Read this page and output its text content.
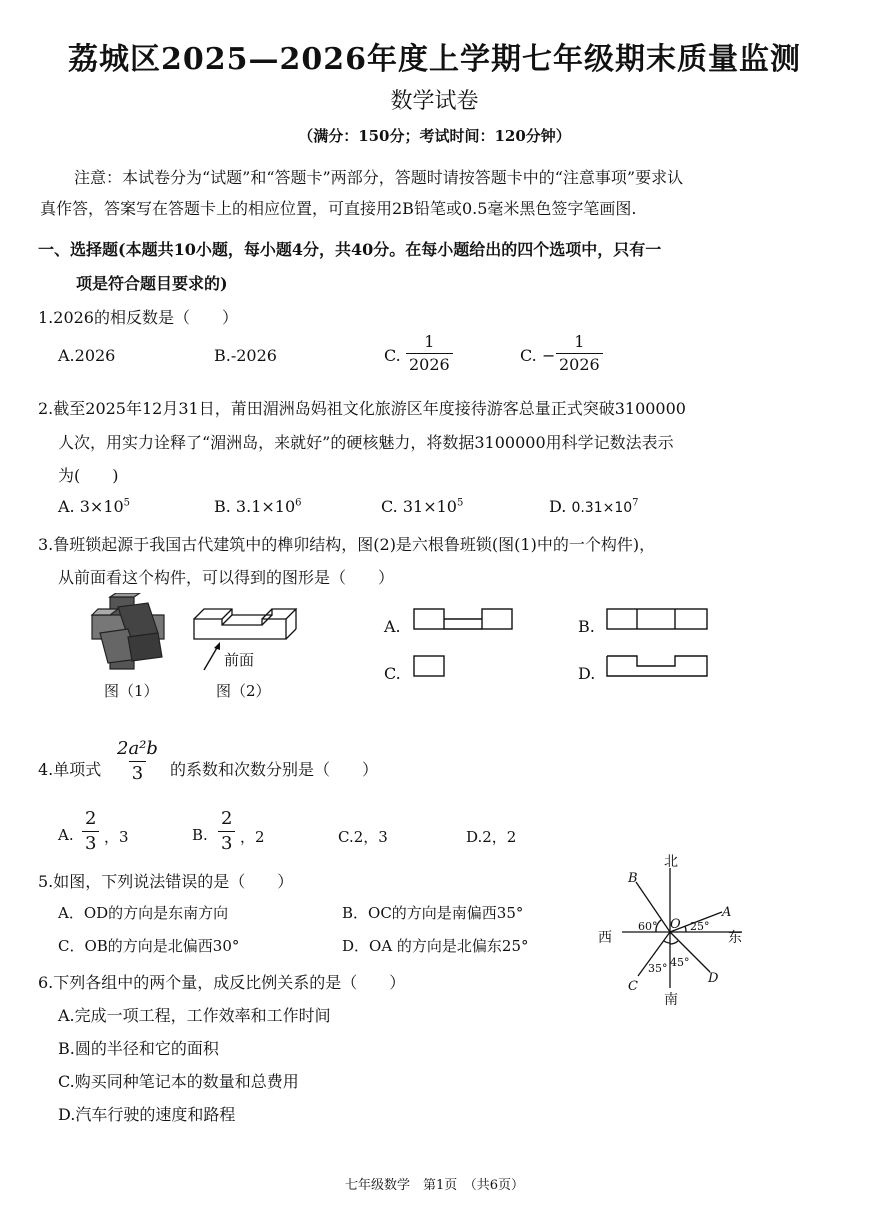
荔城区2025—2026年度上学期七年级期末质量监测
数学试卷
（满分：150分；考试时间：120分钟）
注意：本试卷分为“试题”和“答题卡”两部分，答题时请按答题卡中的“注意事项”要求认
真作答，答案写在答题卡上的相应位置，可直接用2B铅笔或0.5毫米黑色签字笔画图.
一、选择题(本题共10小题，每小题4分，共40分。在每小题给出的四个选项中，只有一
项是符合题目要求的)
1.2026的相反数是（　　）
A.2026	B.-2026	C. $\frac{1}{2026}$	C. − $\frac{1}{2026}$
2.截至2025年12月31日，莆田湄洲岛妈祖文化旅游区年度接待游客总量正式突破3100000
人次，用实力诠释了“湄洲岛，来就好”的硬核魅力，将数据3100000用科学记数法表示
为(　　)
A. $3\times 10^5$	B. $3.1\times 10^6$	C. $31\times 10^5$	D. $0.31\times 10^7$
3.鲁班锁起源于我国古代建筑中的榫卯结构，图(2)是六根鲁班锁(图(1)中的一个构件)，
从前面看这个构件，可以得到的图形是（　　）
前面
图（1）	图（2）
A.	B.
C.	D.
4.单项式 $\frac{\text{2a²b}}{3}$ 的系数和次数分别是（　　）
A. $\frac{2}{3}$ ，3	B. $\frac{2}{3}$ ，2	C.2，3	D.2，2
5.如图，下列说法错误的是（　　）
A．OD的方向是东南方向	B．OC的方向是南偏西35°
C．OB的方向是北偏西30°	D．OA 的方向是北偏东25°
北
南
东
西
O
A
B
C
D
60°	25°
35° 45°
6.下列各组中的两个量，成反比例关系的是（　　）
A.完成一项工程，工作效率和工作时间
B.圆的半径和它的面积
C.购买同种笔记本的数量和总费用
D.汽车行驶的速度和路程
七年级数学　第1页　（共6页）
